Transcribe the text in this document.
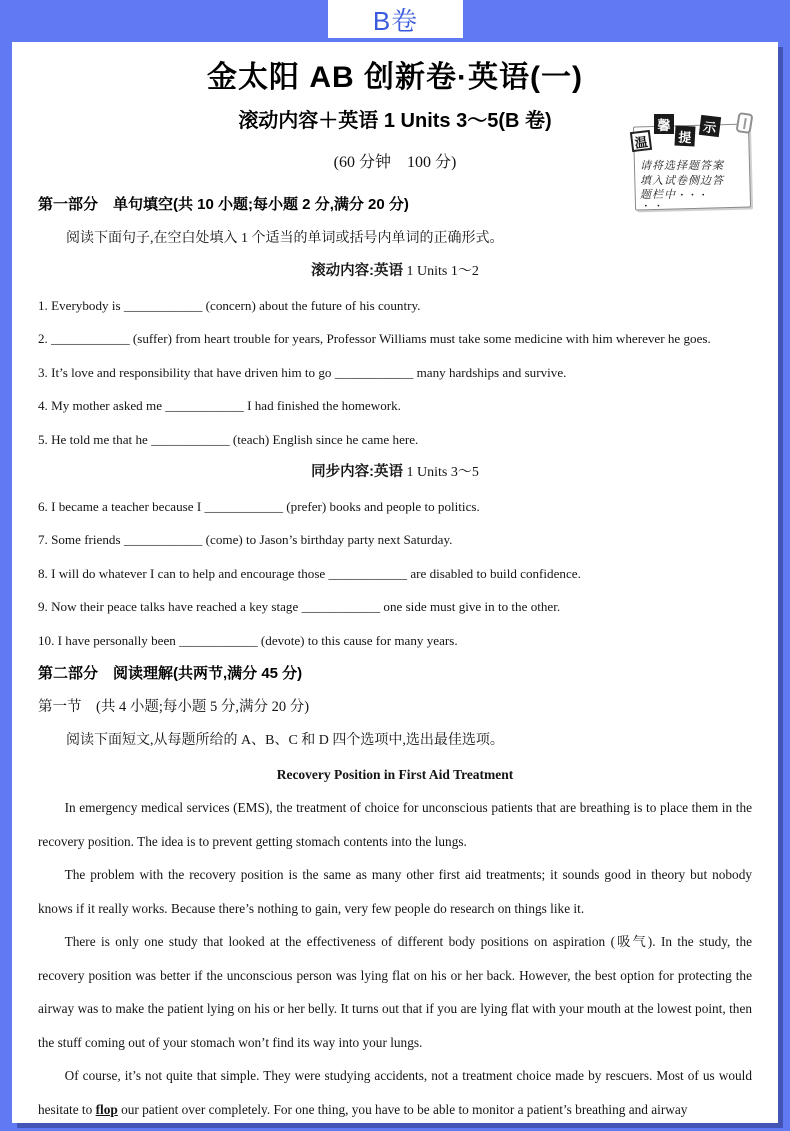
B卷
金太阳 AB 创新卷·英语(一)
滚动内容＋英语 1 Units 3～5(B 卷)
(60 分钟　100 分)
温
馨
提
示
请将选择题答案
填入试卷侧边答
题栏中 ···
··
第一部分　单句填空(共 10 小题;每小题 2 分,满分 20 分)
阅读下面句子,在空白处填入 1 个适当的单词或括号内单词的正确形式。
滚动内容:英语 1 Units 1～2
1. Everybody is ____________ (concern) about the future of his country.
2. ____________ (suffer) from heart trouble for years, Professor Williams must take some medicine with him wherever he goes.
3. It’s love and responsibility that have driven him to go ____________ many hardships and survive.
4. My mother asked me ____________ I had finished the homework.
5. He told me that he ____________ (teach) English since he came here.
同步内容:英语 1 Units 3～5
6. I became a teacher because I ____________ (prefer) books and people to politics.
7. Some friends ____________ (come) to Jason’s birthday party next Saturday.
8. I will do whatever I can to help and encourage those ____________ are disabled to build confidence.
9. Now their peace talks have reached a key stage ____________ one side must give in to the other.
10. I have personally been ____________ (devote) to this cause for many years.
第二部分　阅读理解(共两节,满分 45 分)
第一节　(共 4 小题;每小题 5 分,满分 20 分)
阅读下面短文,从每题所给的 A、B、C 和 D 四个选项中,选出最佳选项。
Recovery Position in First Aid Treatment

In emergency medical services (EMS), the treatment of choice for unconscious patients that are breathing is to place them in the recovery position. The idea is to prevent getting stomach contents into the lungs.

The problem with the recovery position is the same as many other first aid treatments; it sounds good in theory but nobody knows if it really works. Because there’s nothing to gain, very few people do research on things like it.

There is only one study that looked at the effectiveness of different body positions on aspiration (吸气). In the study, the recovery position was better if the unconscious person was lying flat on his or her back. However, the best option for protecting the airway was to make the patient lying on his or her belly. It turns out that if you are lying flat with your mouth at the lowest point, then the stuff coming out of your stomach won’t find its way into your lungs.

Of course, it’s not quite that simple. They were studying accidents, not a treatment choice made by rescuers. Most of us would hesitate to flop our patient over completely. For one thing, you have to be able to monitor a patient’s breathing and airway
